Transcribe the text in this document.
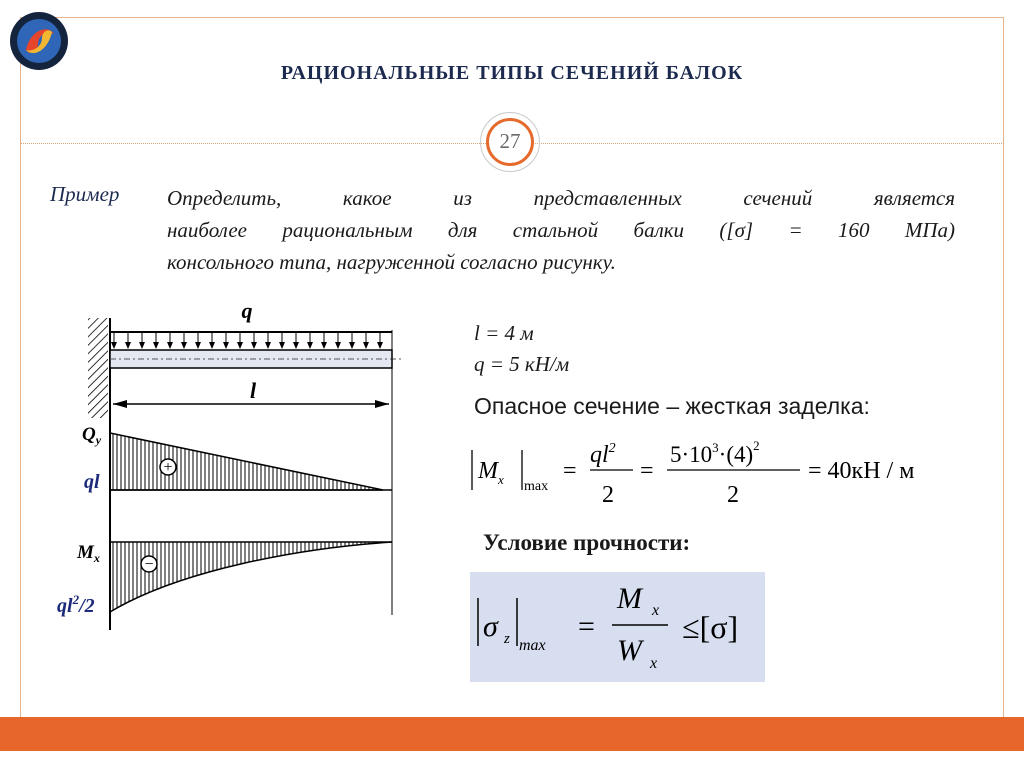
РАЦИОНАЛЬНЫЕ ТИПЫ СЕЧЕНИЙ БАЛОК
27
Пример Определить, какое из представленных сечений является
наиболее рациональным для стальной балки ([σ] = 160 МПа)
консольного типа, нагруженной согласно рисунку.
q
l
+
$Q_y$
ql
−
$M_x$
$ql^2/2$
l = 4 м
q = 5 кН/м
Опасное сечение – жесткая заделка:
$M_x$ max
=
$ql^2$
2
=
$5\cdot 10^3\cdot(4)^2$
2
= 40кН / м
Условие прочности:
σ z max
=
M x
W x
≤[σ]
